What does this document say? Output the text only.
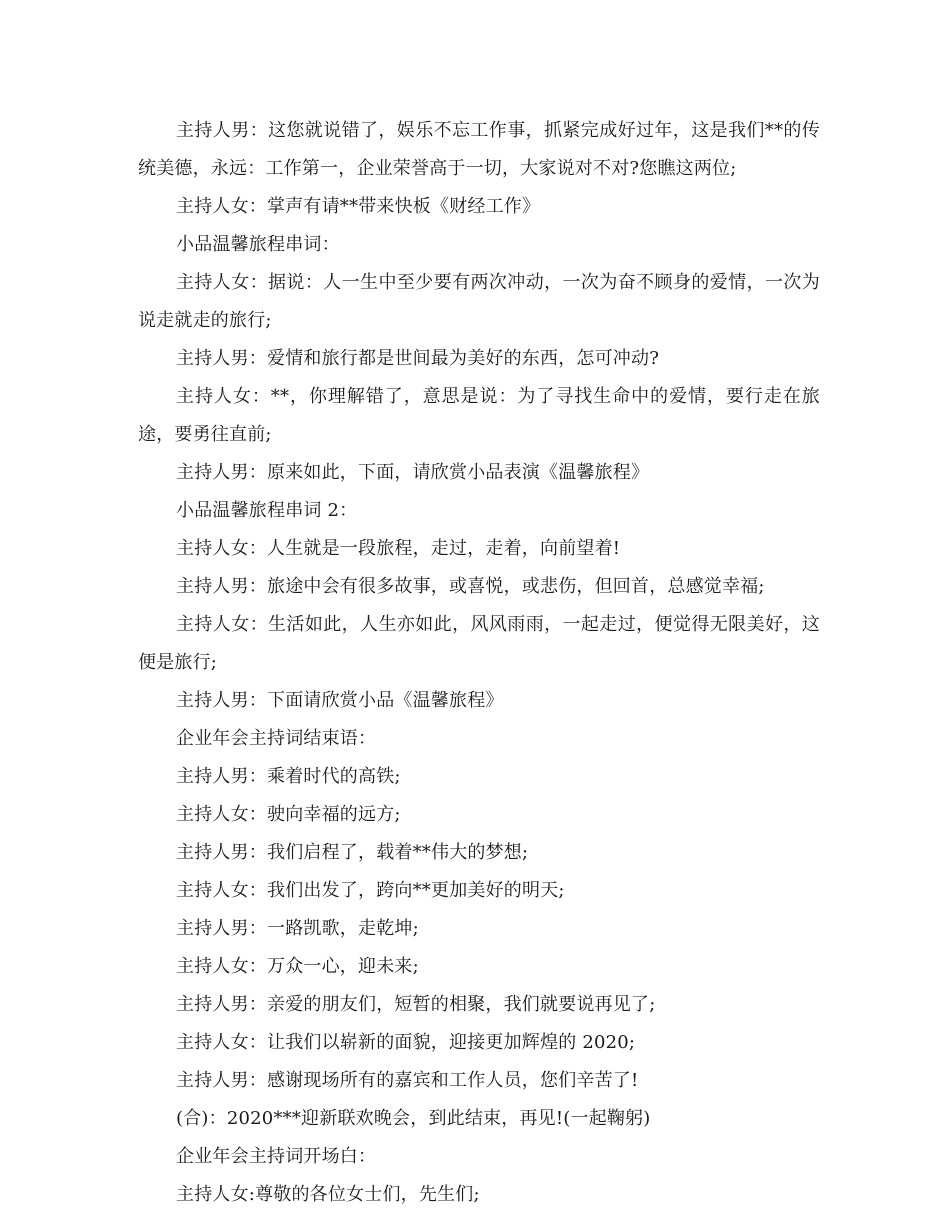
主持人男：这您就说错了，娱乐不忘工作事，抓紧完成好过年，这是我们**的传统美德，永远：工作第一，企业荣誉高于一切，大家说对不对?您瞧这两位;

主持人女：掌声有请**带来快板《财经工作》

小品温馨旅程串词：

主持人女：据说：人一生中至少要有两次冲动，一次为奋不顾身的爱情，一次为说走就走的旅行;

主持人男：爱情和旅行都是世间最为美好的东西，怎可冲动?

主持人女：**，你理解错了，意思是说：为了寻找生命中的爱情，要行走在旅途，要勇往直前;

主持人男：原来如此，下面，请欣赏小品表演《温馨旅程》

小品温馨旅程串词 2：

主持人女：人生就是一段旅程，走过，走着，向前望着!

主持人男：旅途中会有很多故事，或喜悦，或悲伤，但回首，总感觉幸福;

主持人女：生活如此，人生亦如此，风风雨雨，一起走过，便觉得无限美好，这便是旅行;

主持人男：下面请欣赏小品《温馨旅程》

企业年会主持词结束语：

主持人男：乘着时代的高铁;

主持人女：驶向幸福的远方;

主持人男：我们启程了，载着**伟大的梦想;

主持人女：我们出发了，跨向**更加美好的明天;

主持人男：一路凯歌，走乾坤;

主持人女：万众一心，迎未来;

主持人男：亲爱的朋友们，短暂的相聚，我们就要说再见了;

主持人女：让我们以崭新的面貌，迎接更加辉煌的 2020;

主持人男：感谢现场所有的嘉宾和工作人员，您们辛苦了!

(合)：2020***迎新联欢晚会，到此结束，再见!(一起鞠躬)

企业年会主持词开场白：

主持人女:尊敬的各位女士们，先生们;
